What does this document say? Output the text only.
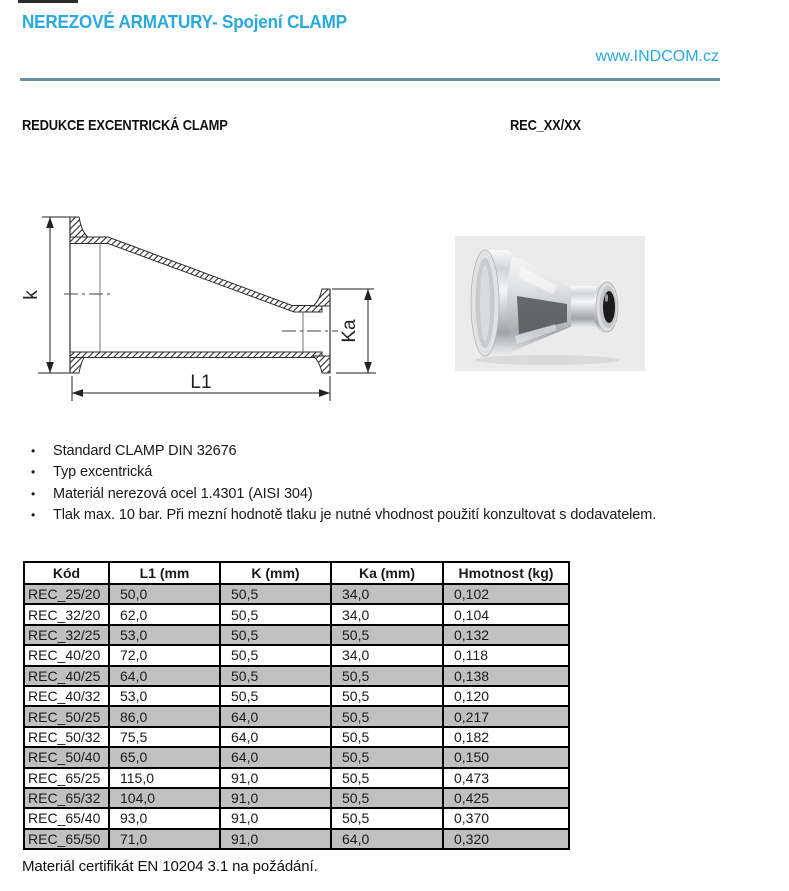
NEREZOVÉ ARMATURY- Spojení CLAMP
www.INDCOM.cz
REDUKCE EXCENTRICKÁ CLAMP	REC_XX/XX
k
Ka
L1
•	Standard CLAMP DIN 32676
•	Typ excentrická
•	Materiál nerezová ocel 1.4301 (AISI 304)
•	Tlak max. 10 bar. Při mezní hodnotě tlaku je nutné vhodnost použití konzultovat s dodavatelem.
Kód	L1 (mm	K (mm)	Ka (mm)	Hmotnost (kg)
REC_25/20	50,0	50,5	34,0	0,102
REC_32/20	62,0	50,5	34,0	0,104
REC_32/25	53,0	50,5	50,5	0,132
REC_40/20	72,0	50,5	34,0	0,118
REC_40/25	64,0	50,5	50,5	0,138
REC_40/32	53,0	50,5	50,5	0,120
REC_50/25	86,0	64,0	50,5	0,217
REC_50/32	75,5	64,0	50,5	0,182
REC_50/40	65,0	64,0	50,5	0,150
REC_65/25	115,0	91,0	50,5	0,473
REC_65/32	104,0	91,0	50,5	0,425
REC_65/40	93,0	91,0	50,5	0,370
REC_65/50	71,0	91,0	64,0	0,320
Materiál certifikát EN 10204 3.1 na požádání.
